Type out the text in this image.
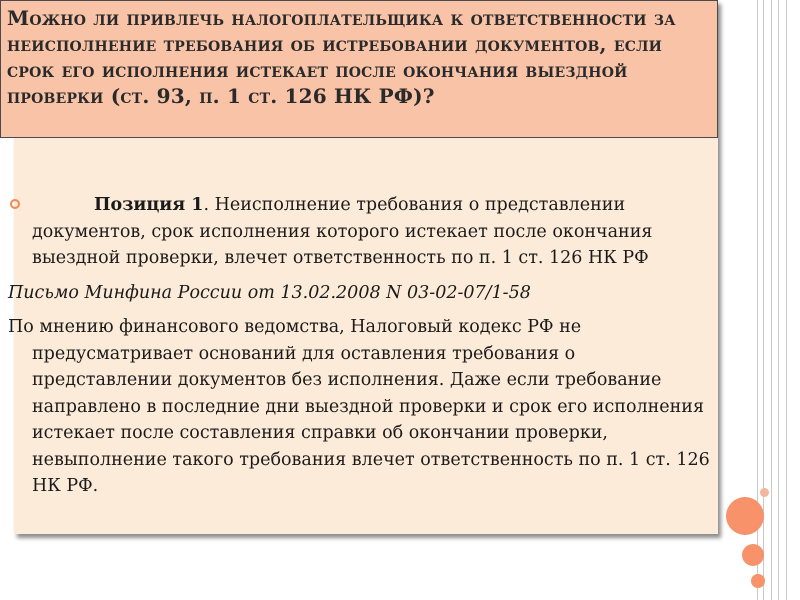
Можно ли привлечь налогоплательщика к ответственности за неисполнение требования об истребовании документов, если срок его исполнения истекает после окончания выездной проверки (ст. 93, п. 1 ст. 126 НК РФ)?

Позиция 1. Неисполнение требования о представлении документов, срок исполнения которого истекает после окончания выездной проверки, влечет ответственность по п. 1 ст. 126 НК РФ

Письмо Минфина России от 13.02.2008 N 03-02-07/1-58

По мнению финансового ведомства, Налоговый кодекс РФ не предусматривает оснований для оставления требования о представлении документов без исполнения. Даже если требование направлено в последние дни выездной проверки и срок его исполнения истекает после составления справки об окончании проверки, невыполнение такого требования влечет ответственность по п. 1 ст. 126 НК РФ.
